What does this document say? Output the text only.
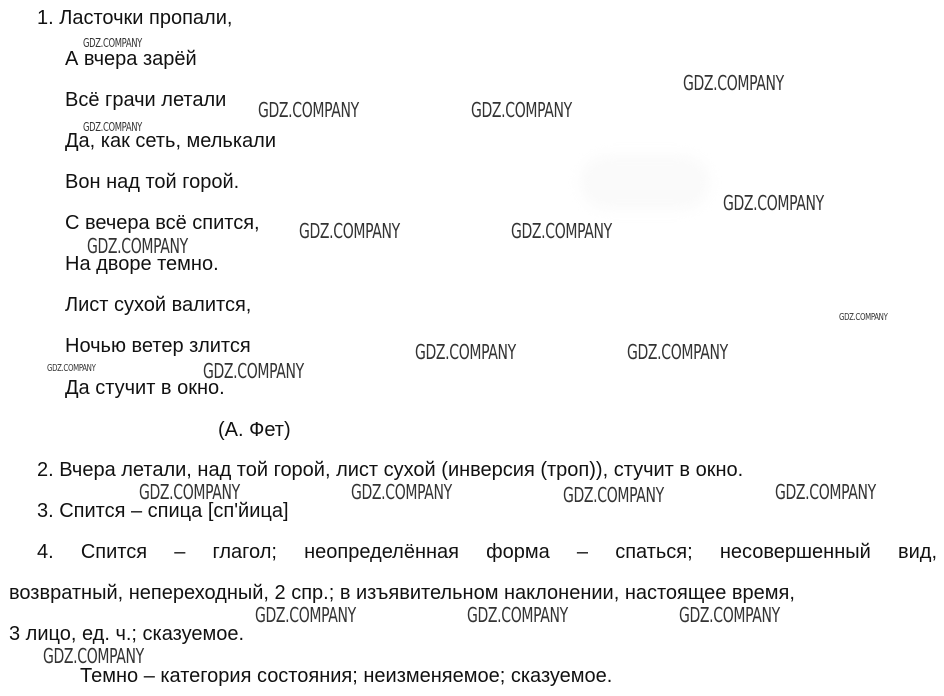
1. Ласточки пропали,
А вчера зарёй
Всё грачи летали
Да, как сеть, мелькали
Вон над той горой.
С вечера всё спится,
На дворе темно.
Лист сухой валится,
Ночью ветер злится
Да стучит в окно.
(А. Фет)
2. Вчера летали, над той горой, лист сухой (инверсия (троп)), стучит в окно.
3. Спится – спица [сп'йица]
4. Спится – глагол; неопределённая форма – спаться; несовершенный вид,
возвратный, непереходный, 2 спр.; в изъявительном наклонении, настоящее время,
3 лицо, ед. ч.; сказуемое.
Темно – категория состояния; неизменяемое; сказуемое.
GDZ.COMPANY
GDZ.COMPANY
GDZ.COMPANY	GDZ.COMPANY
GDZ.COMPANY
GDZ.COMPANY
GDZ.COMPANY	GDZ.COMPANY
GDZ.COMPANY
GDZ.COMPANY
GDZ.COMPANY	GDZ.COMPANY
GDZ.COMPANY	GDZ.COMPANY
GDZ.COMPANY	GDZ.COMPANY	GDZ.COMPANY	GDZ.COMPANY
GDZ.COMPANY	GDZ.COMPANY	GDZ.COMPANY
GDZ.COMPANY
